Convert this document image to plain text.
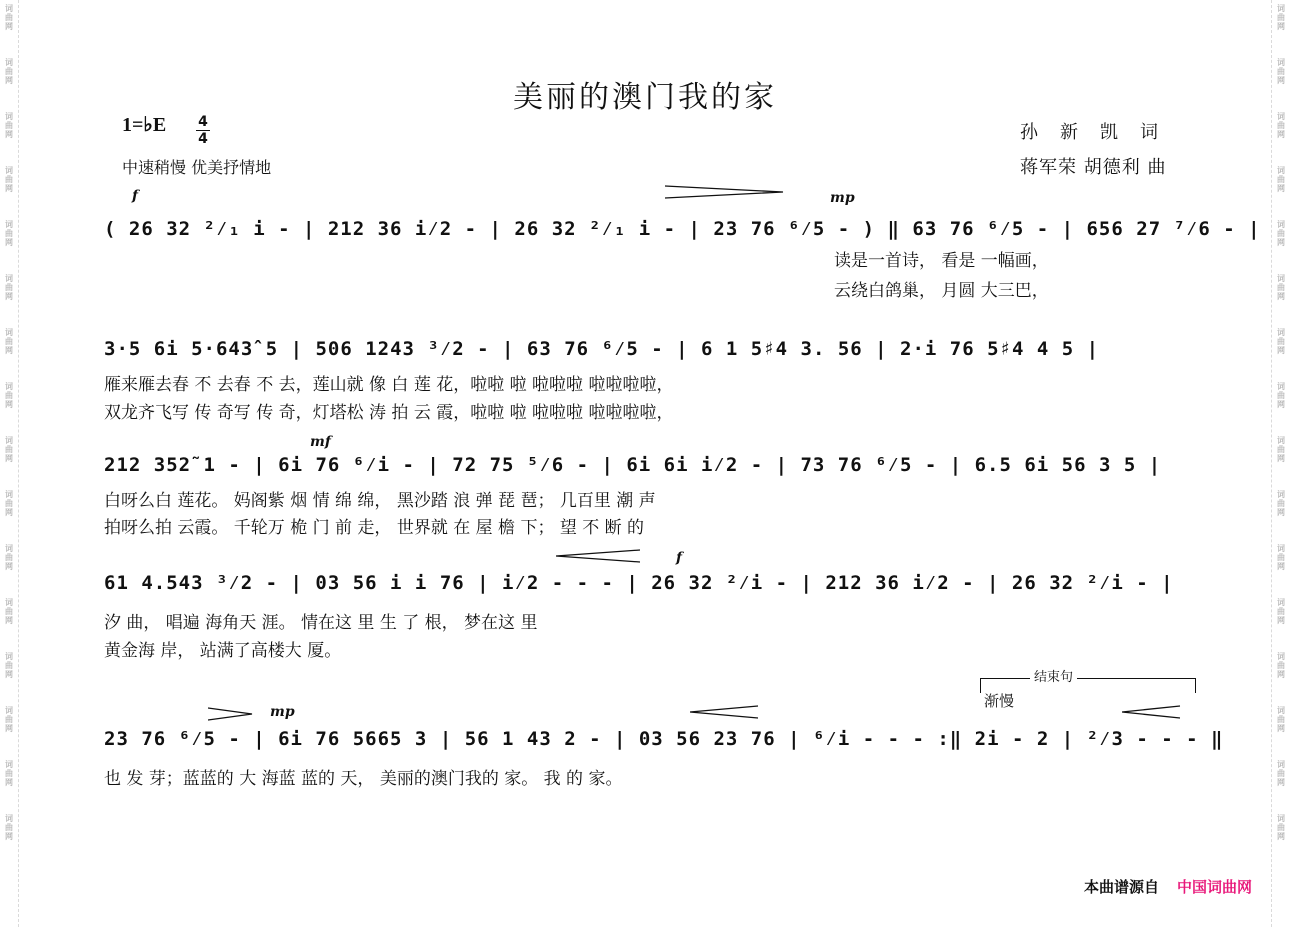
词
曲
网
词
曲
网
词
曲
网
词
曲
网
词
曲
网
词
曲
网
词
曲
网
词
曲
网
词
曲
网
词
曲
网
词
曲
网
词
曲
网
词
曲
网
词
曲
网
词
曲
网
词
曲
网
词
曲
网
词
曲
网
词
曲
网
词
曲
网
词
曲
网
词
曲
网
词
曲
网
词
曲
网
词
曲
网
词
曲
网
词
曲
网
词
曲
网
词
曲
网
词
曲
网
词
曲
网
词
曲
网
美丽的澳门我的家
1=♭E 4
4
中速稍慢 优美抒情地
孙新凯词
蒋军荣 胡德利 曲
f	mp
mf
f
mp
( 26 32 ²⁄₁ i - | 212 36 i⁄2 - | 26 32 ²⁄₁ i - | 23 76 ⁶⁄5 - ) ‖ 63 76 ⁶⁄5 - | 656 27 ⁷⁄6 - |
读是一首诗， 看是 一幅画，
云绕白鸽巢， 月圆 大三巴，
3·5 6i 5·643̂ 5 | 506 1243 ³⁄2 - | 63 76 ⁶⁄5 - | 6 1 5♯4 3. 56 | 2·i 76 5♯4 4 5 |
雁来雁去春 不 去春 不 去，莲山就 像 白 莲 花，啦啦 啦 啦啦啦 啦啦啦啦，
双龙齐飞写 传 奇写 传 奇，灯塔松 涛 拍 云 霞，啦啦 啦 啦啦啦 啦啦啦啦，
212 352̃ 1 - | 6i 76 ⁶⁄i - | 72 75 ⁵⁄6 - | 6i 6i i⁄2 - | 73 76 ⁶⁄5 - | 6.5 6i 56 3 5 |
白呀么白 莲花。 妈阁紫 烟 情 绵 绵， 黑沙踏 浪 弹 琵 琶； 几百里 潮 声
拍呀么拍 云霞。 千轮万 桅 门 前 走， 世界就 在 屋 檐 下； 望 不 断 的
61 4.543 ³⁄2 - | 03 56 i i 76 | i⁄2 - - - | 26 32 ²⁄i - | 212 36 i⁄2 - | 26 32 ²⁄i - |
汐 曲， 唱遍 海角天 涯。 情在这 里 生 了 根， 梦在这 里
黄金海 岸， 站满了高楼大 厦。
结束句
渐慢
23 76 ⁶⁄5 - | 6i 76 5665 3 | 56 1 43 2 - | 03 56 23 76 | ⁶⁄i - - - :‖ 2i - 2 | ²⁄3 - - - ‖
也 发 芽；蓝蓝的 大 海蓝 蓝的 天， 美丽的澳门我的 家。 我 的 家。
本曲谱源自 中国词曲网
